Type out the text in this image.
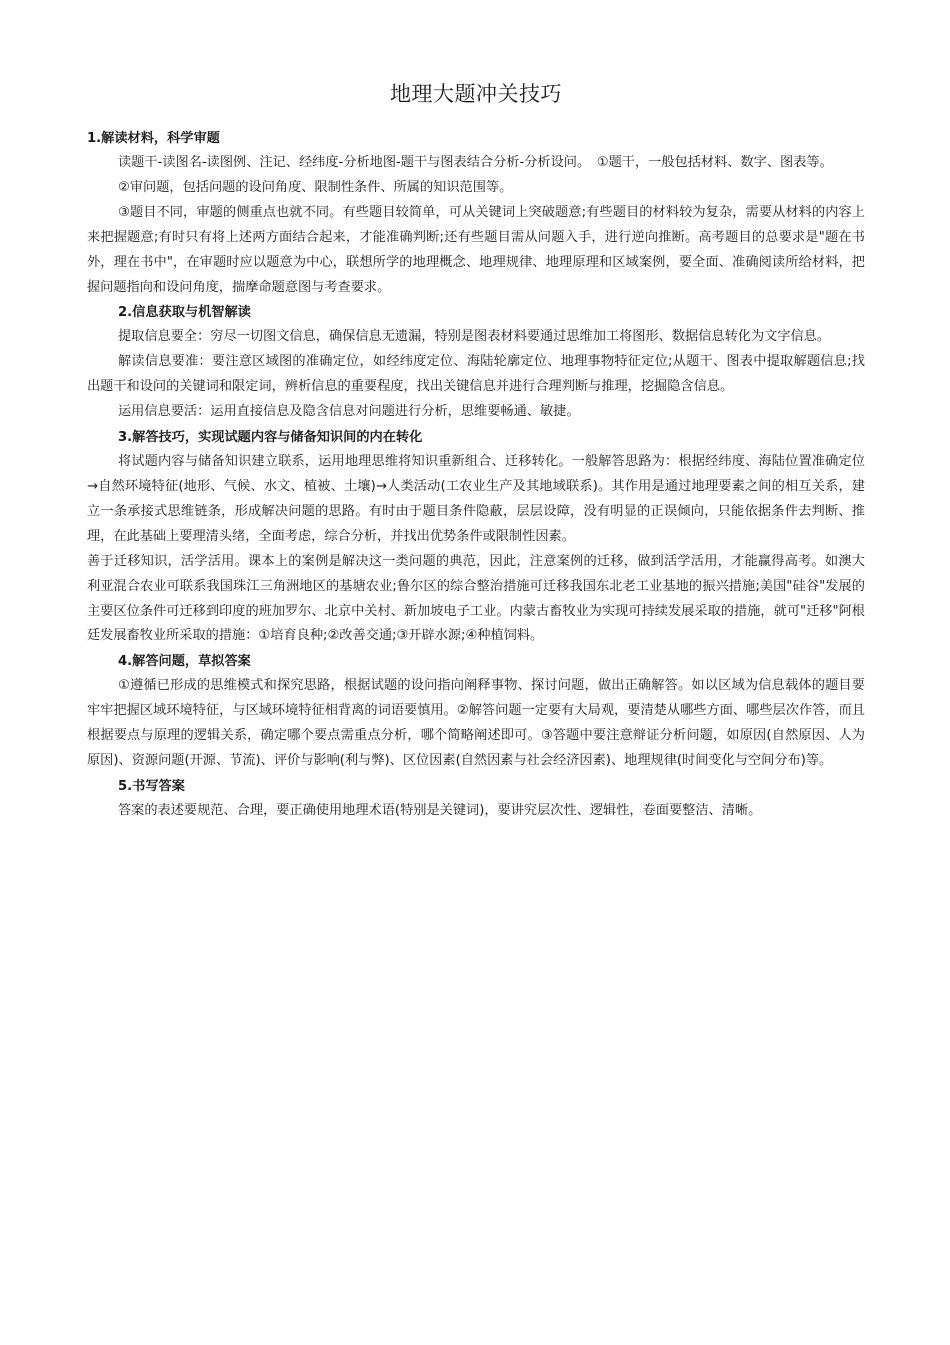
地理大题冲关技巧

1.解读材料，科学审题

读题干-读图名-读图例、注记、经纬度-分析地图-题干与图表结合分析-分析设问。　①题干，一般包括材料、数字、图表等。

②审问题，包括问题的设问角度、限制性条件、所属的知识范围等。

③题目不同，审题的侧重点也就不同。有些题目较简单，可从关键词上突破题意;有些题目的材料较为复杂，需要从材料的内容上来把握题意;有时只有将上述两方面结合起来，才能准确判断;还有些题目需从问题入手，进行逆向推断。高考题目的总要求是"题在书外，理在书中"，在审题时应以题意为中心，联想所学的地理概念、地理规律、地理原理和区域案例，要全面、准确阅读所给材料，把握问题指向和设问角度，揣摩命题意图与考查要求。

2.信息获取与机智解读

提取信息要全：穷尽一切图文信息，确保信息无遗漏，特别是图表材料要通过思维加工将图形、数据信息转化为文字信息。

解读信息要准：要注意区域图的准确定位，如经纬度定位、海陆轮廓定位、地理事物特征定位;从题干、图表中提取解题信息;找出题干和设问的关键词和限定词，辨析信息的重要程度，找出关键信息并进行合理判断与推理，挖掘隐含信息。

运用信息要活：运用直接信息及隐含信息对问题进行分析，思维要畅通、敏捷。

3.解答技巧，实现试题内容与储备知识间的内在转化

将试题内容与储备知识建立联系，运用地理思维将知识重新组合、迁移转化。一般解答思路为：根据经纬度、海陆位置准确定位→自然环境特征(地形、气候、水文、植被、土壤)→人类活动(工农业生产及其地域联系)。其作用是通过地理要素之间的相互关系，建立一条承接式思维链条，形成解决问题的思路。有时由于题目条件隐蔽，层层设障，没有明显的正误倾向，只能依据条件去判断、推理，在此基础上要理清头绪，全面考虑，综合分析，并找出优势条件或限制性因素。

善于迁移知识，活学活用。课本上的案例是解决这一类问题的典范，因此，注意案例的迁移，做到活学活用，才能赢得高考。如澳大利亚混合农业可联系我国珠江三角洲地区的基塘农业;鲁尔区的综合整治措施可迁移我国东北老工业基地的振兴措施;美国"硅谷"发展的主要区位条件可迁移到印度的班加罗尔、北京中关村、新加坡电子工业。内蒙古畜牧业为实现可持续发展采取的措施，就可"迁移"阿根廷发展畜牧业所采取的措施：①培育良种;②改善交通;③开辟水源;④种植饲料。

4.解答问题，草拟答案

①遵循已形成的思维模式和探究思路，根据试题的设问指向阐释事物、探讨问题，做出正确解答。如以区域为信息载体的题目要牢牢把握区域环境特征，与区域环境特征相背离的词语要慎用。②解答问题一定要有大局观，要清楚从哪些方面、哪些层次作答，而且根据要点与原理的逻辑关系，确定哪个要点需重点分析，哪个简略阐述即可。③答题中要注意辩证分析问题，如原因(自然原因、人为原因)、资源问题(开源、节流)、评价与影响(利与弊)、区位因素(自然因素与社会经济因素)、地理规律(时间变化与空间分布)等。

5.书写答案

答案的表述要规范、合理，要正确使用地理术语(特别是关键词)，要讲究层次性、逻辑性，卷面要整洁、清晰。
